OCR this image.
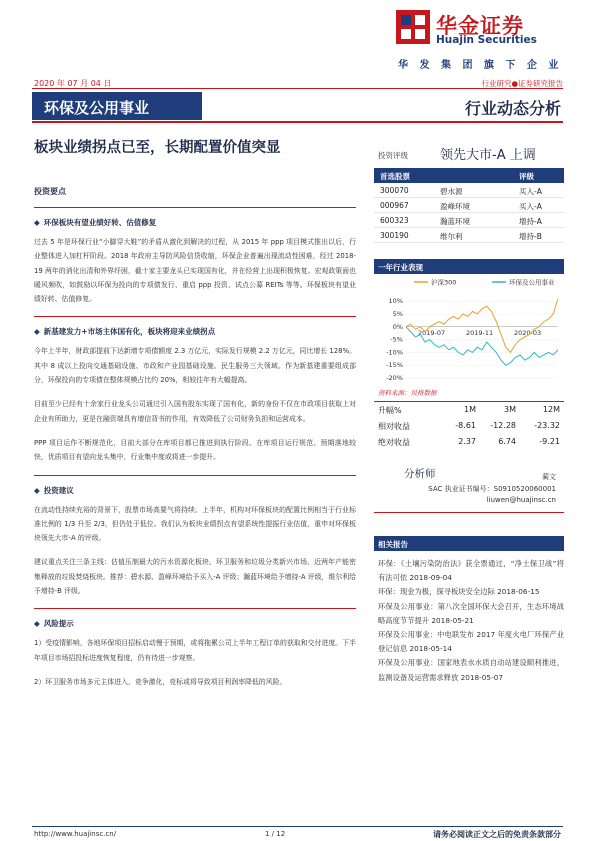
华金证券
Huajin Securities
华 发 集 团 旗 下 企 业
2020 年 07 月 04 日	行业研究●证券研究报告
环保及公用事业	行业动态分析
板块业绩拐点已至，长期配置价值突显
投资要点
◆ 环保板块有望业绩好转、估值修复

过去 5 年是环保行业“小脚穿大鞋”的矛盾从激化到解决的过程，从 2015 年 ppp 项目模式推出以后，行业整体进入加杠杆阶段。2018 年政府主导防风险信贷收缩，环保企业普遍出现流动性困难，经过 2018-19 两年的消化出清和外界纾困，截十家主要龙头已实现国有化，并在经营上出现积极恢复。宏观政策面也暖风频吹，如鼓励以环保为投向的专项债发行、重启 ppp 投资、试点公募 REITs 等等。环保板块有望业绩好转、估值修复。

◆ 新基建发力+市场主体国有化，板块将迎来业绩拐点

今年上半年，财政部提前下达新增专项债额度 2.3 万亿元，实际发行规模 2.2 万亿元，同比增长 128%。其中 8 成以上投向交通基础设施、市政和产业园基础设施、民生服务三大领域。作为新基建重要组成部分，环保投向的专项债在整体规模占比约 20%，相较往年有大幅提高。

目前至少已经有十余家行业龙头公司通过引入国有股东实现了国有化，新的身份不仅在市政项目获取上对企业有所助力，更是在融资端具有增信背书的作用，有效降低了公司财务负担和运营成本。

PPP 项目运作不断规范化，目前大部分在库项目都已推进到执行阶段。在库项目运行规范、预期落地较快，优质项目有望向龙头集中，行业集中度或将进一步提升。

◆ 投资建议

在流动性持续充裕的背景下，股票市场高要气将持续。上半年，机构对环保板块的配置比例相当于行业标准比例的 1/3 升至 2/3，但仍处于低位。我们认为板块业绩拐点有望系统性提振行业估值，重申对环保板块领先大市-A 的评级。

建议重点关注三条主线：估值压制最大的污水资源化板块、环卫服务和垃圾分类新兴市场、近两年产能密集释放的垃圾焚烧板块。推荐：碧水源、盈峰环境给予买入-A 评级；瀚蓝环境给予增持-A 评级，维尔利给予增持-B 评级。

◆ 风险提示

1）受疫情影响，各地环保项目招标启动慢于预期，或将拖累公司上半年工程订单的获取和交付进度。下半年项目市场招投标进度恢复程度，仍有待进一步观察。

2）环卫服务市场多元主体进入，竞争激化，竞标或将导致项目利润率降低的风险。

投资评级 领先大市-A 上调
首选股票	评级
300070	碧水源	买入-A
000967	盈峰环境	买入-A
600323	瀚蓝环境	增持-A
300190	维尔利	增持-B
一年行业表现
沪深300	环保及公用事业
10%
5%
0%
-5%
-10%
-15%
-20%
2019-07	2019-11	2020-03
资料来源：贝格数据
升幅%	1M	3M	12M
相对收益	-8.61	-12.28	-23.32
绝对收益	2.37	6.74	-9.21
分析师	蔺文
SAC 执业证书编号：S0910520060001
liuwen@huajinsc.cn
相关报告
环保：《土壤污染防治法》获全票通过，“净土保卫战”将有法可依 2018-09-04
环保：现金为极，探寻板块安全边际 2018-06-15
环保及公用事业：第八次全国环保大会召开，生态环境战略高度节节提升 2018-05-21
环保及公用事业：中电联发布 2017 年度火电厂环保产业登记信息 2018-05-14
环保及公用事业：国家地表水水质自动站建设顺利推进，监测设备及运营需求释放 2018-05-07
http://www.huajinsc.cn/	1 / 12	请务必阅读正文之后的免责条款部分
